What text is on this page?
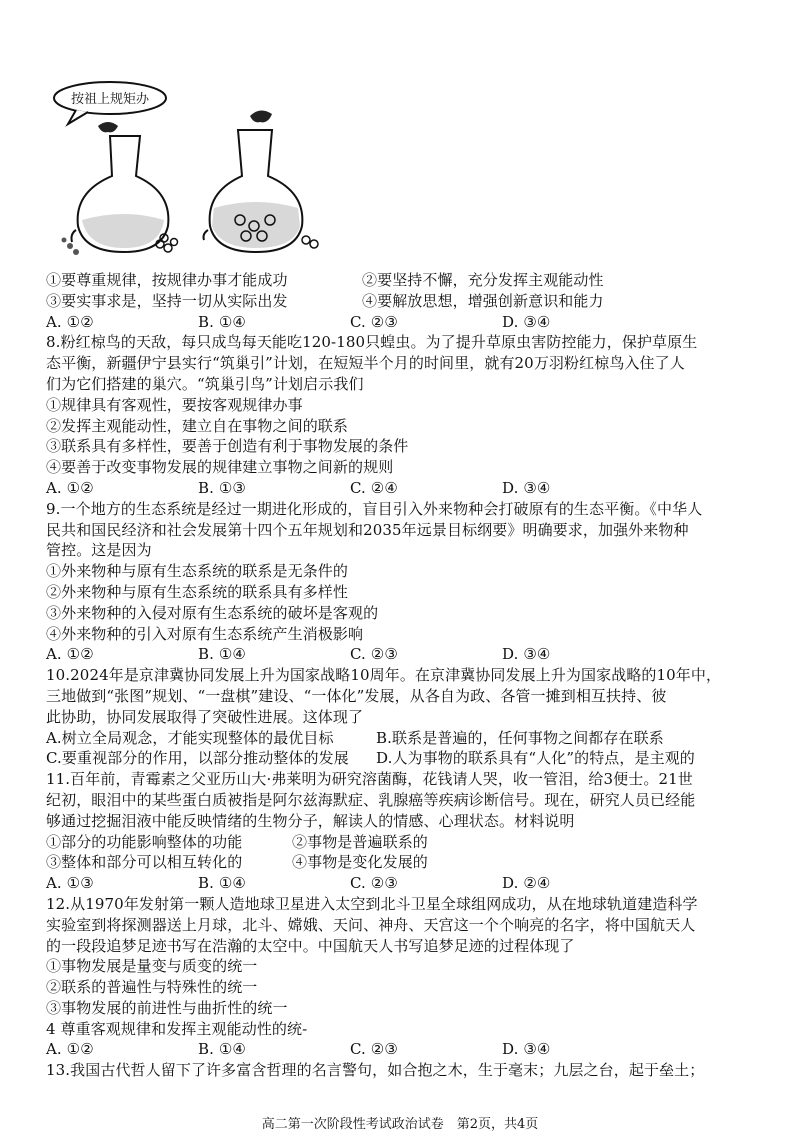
按祖上规矩办
①要尊重规律，按规律办事才能成功	②要坚持不懈，充分发挥主观能动性
③要实事求是，坚持一切从实际出发	④要解放思想，增强创新意识和能力
A. ①②	B. ①④	C. ②③	D. ③④
8.粉红椋鸟的天敌，每只成鸟每天能吃120-180只蝗虫。为了提升草原虫害防控能力，保护草原生
态平衡，新疆伊宁县实行“筑巢引”计划，在短短半个月的时间里，就有20万羽粉红椋鸟入住了人
们为它们搭建的巢穴。“筑巢引鸟”计划启示我们
①规律具有客观性，要按客观规律办事
②发挥主观能动性，建立自在事物之间的联系
③联系具有多样性，要善于创造有利于事物发展的条件
④要善于改变事物发展的规律建立事物之间新的规则
A. ①②	B. ①③	C. ②④	D. ③④
9.一个地方的生态系统是经过一期进化形成的，盲目引入外来物种会打破原有的生态平衡。《中华人
民共和国民经济和社会发展第十四个五年规划和2035年远景目标纲要》明确要求，加强外来物种
管控。这是因为
①外来物种与原有生态系统的联系是无条件的
②外来物种与原有生态系统的联系具有多样性
③外来物种的入侵对原有生态系统的破坏是客观的
④外来物种的引入对原有生态系统产生消极影响
A. ①②	B. ①④	C. ②③	D. ③④
10.2024年是京津冀协同发展上升为国家战略10周年。在京津冀协同发展上升为国家战略的10年中，
三地做到“张图”规划、“一盘棋”建设、“一体化”发展，从各自为政、各管一摊到相互扶持、彼
此协助，协同发展取得了突破性进展。这体现了
A.树立全局观念，才能实现整体的最优目标	B.联系是普遍的，任何事物之间都存在联系
C.要重视部分的作用，以部分推动整体的发展	D.人为事物的联系具有“人化”的特点，是主观的
11.百年前，青霉素之父亚历山大·弗莱明为研究溶菌酶，花钱请人哭，收一管泪，给3便士。21世
纪初，眼泪中的某些蛋白质被指是阿尔兹海默症、乳腺癌等疾病诊断信号。现在，研究人员已经能
够通过挖掘泪液中能反映情绪的生物分子，解读人的情感、心理状态。材料说明
①部分的功能影响整体的功能	②事物是普遍联系的
③整体和部分可以相互转化的	④事物是变化发展的
A. ①③	B. ①④	C. ②③	D. ②④
12.从1970年发射第一颗人造地球卫星进入太空到北斗卫星全球组网成功，从在地球轨道建造科学
实验室到将探测器送上月球，北斗、嫦娥、天问、神舟、天宫这一个个响亮的名字，将中国航天人
的一段段追梦足迹书写在浩瀚的太空中。中国航天人书写追梦足迹的过程体现了
①事物发展是量变与质变的统一
②联系的普遍性与特殊性的统一
③事物发展的前进性与曲折性的统一
4 尊重客观规律和发挥主观能动性的统-
A. ①②	B. ①④	C. ②③	D. ③④
13.我国古代哲人留下了许多富含哲理的名言警句，如合抱之木，生于毫末；九层之台，起于垒土；
高二第一次阶段性考试政治试卷　第2页，共4页
